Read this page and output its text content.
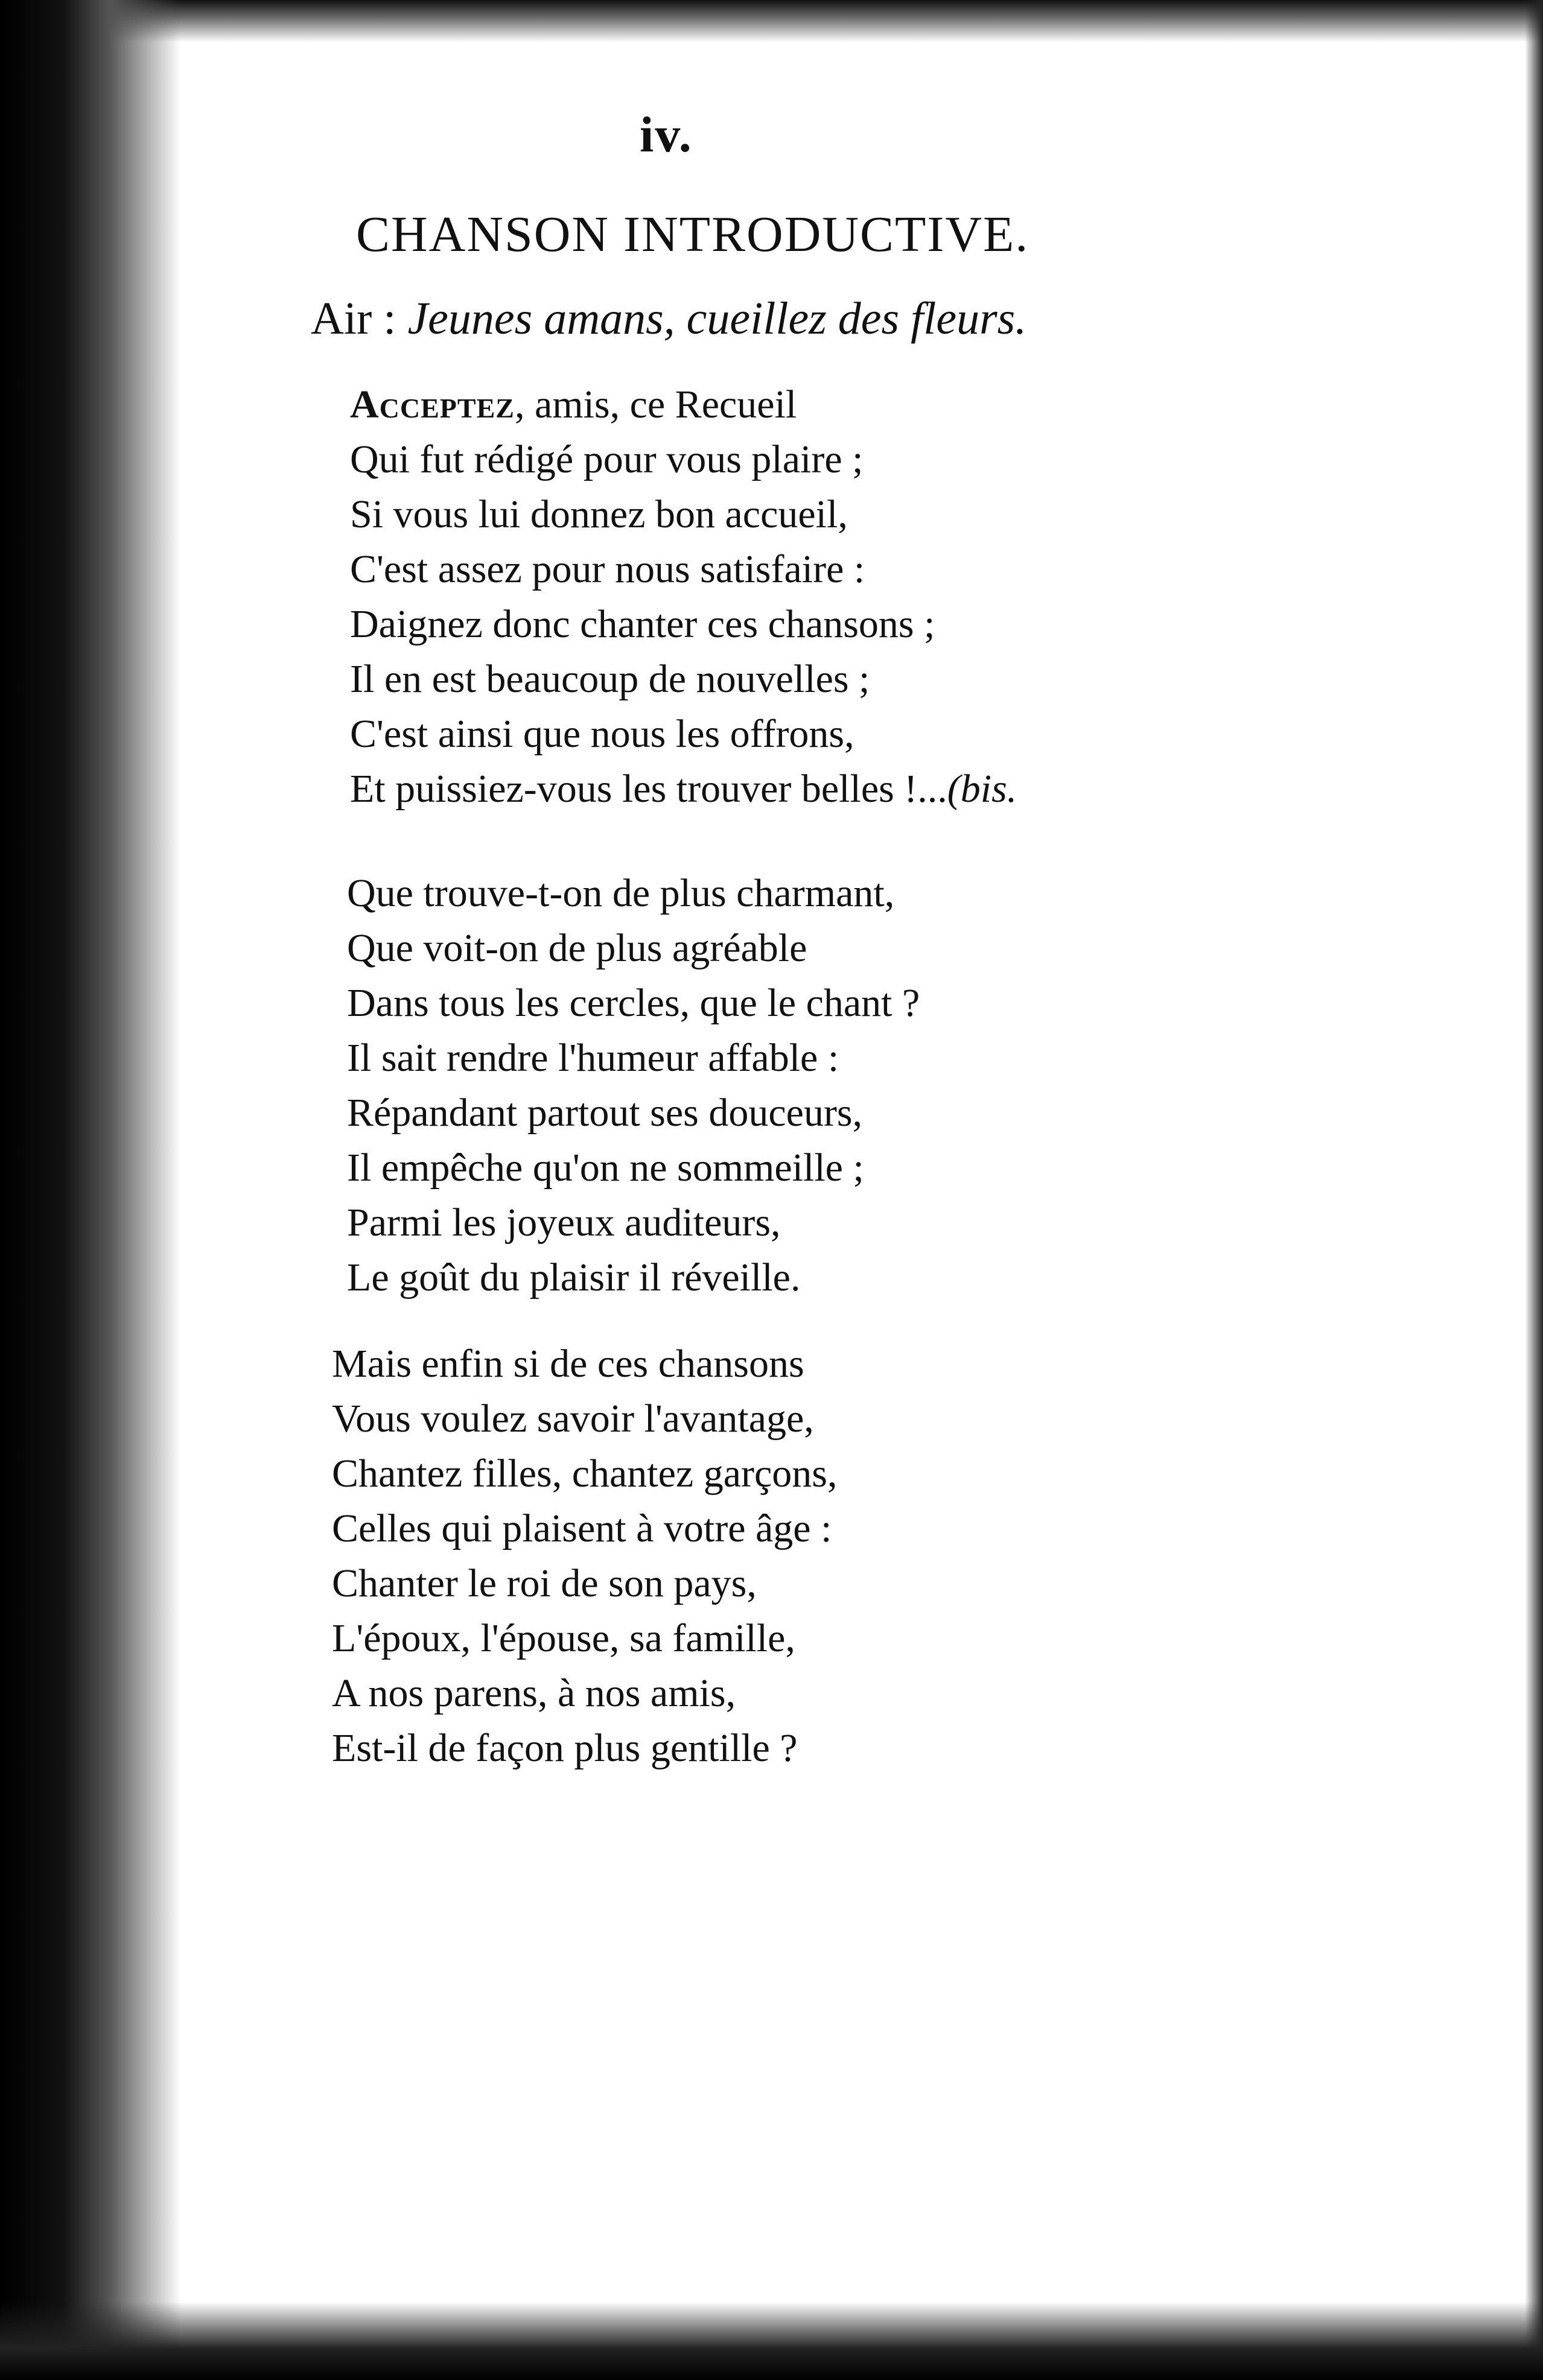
iv.
CHANSON INTRODUCTIVE.
Air : Jeunes amans, cueillez des fleurs.
Acceptez, amis, ce Recueil
Qui fut rédigé pour vous plaire ;
Si vous lui donnez bon accueil,
C'est assez pour nous satisfaire :
Daignez donc chanter ces chansons ;
Il en est beaucoup de nouvelles ;
C'est ainsi que nous les offrons,
Et puissiez-vous les trouver belles !...(bis.
Que trouve-t-on de plus charmant,
Que voit-on de plus agréable
Dans tous les cercles, que le chant ?
Il sait rendre l'humeur affable :
Répandant partout ses douceurs,
Il empêche qu'on ne sommeille ;
Parmi les joyeux auditeurs,
Le goût du plaisir il réveille.
Mais enfin si de ces chansons
Vous voulez savoir l'avantage,
Chantez filles, chantez garçons,
Celles qui plaisent à votre âge :
Chanter le roi de son pays,
L'époux, l'épouse, sa famille,
A nos parens, à nos amis,
Est-il de façon plus gentille ?
